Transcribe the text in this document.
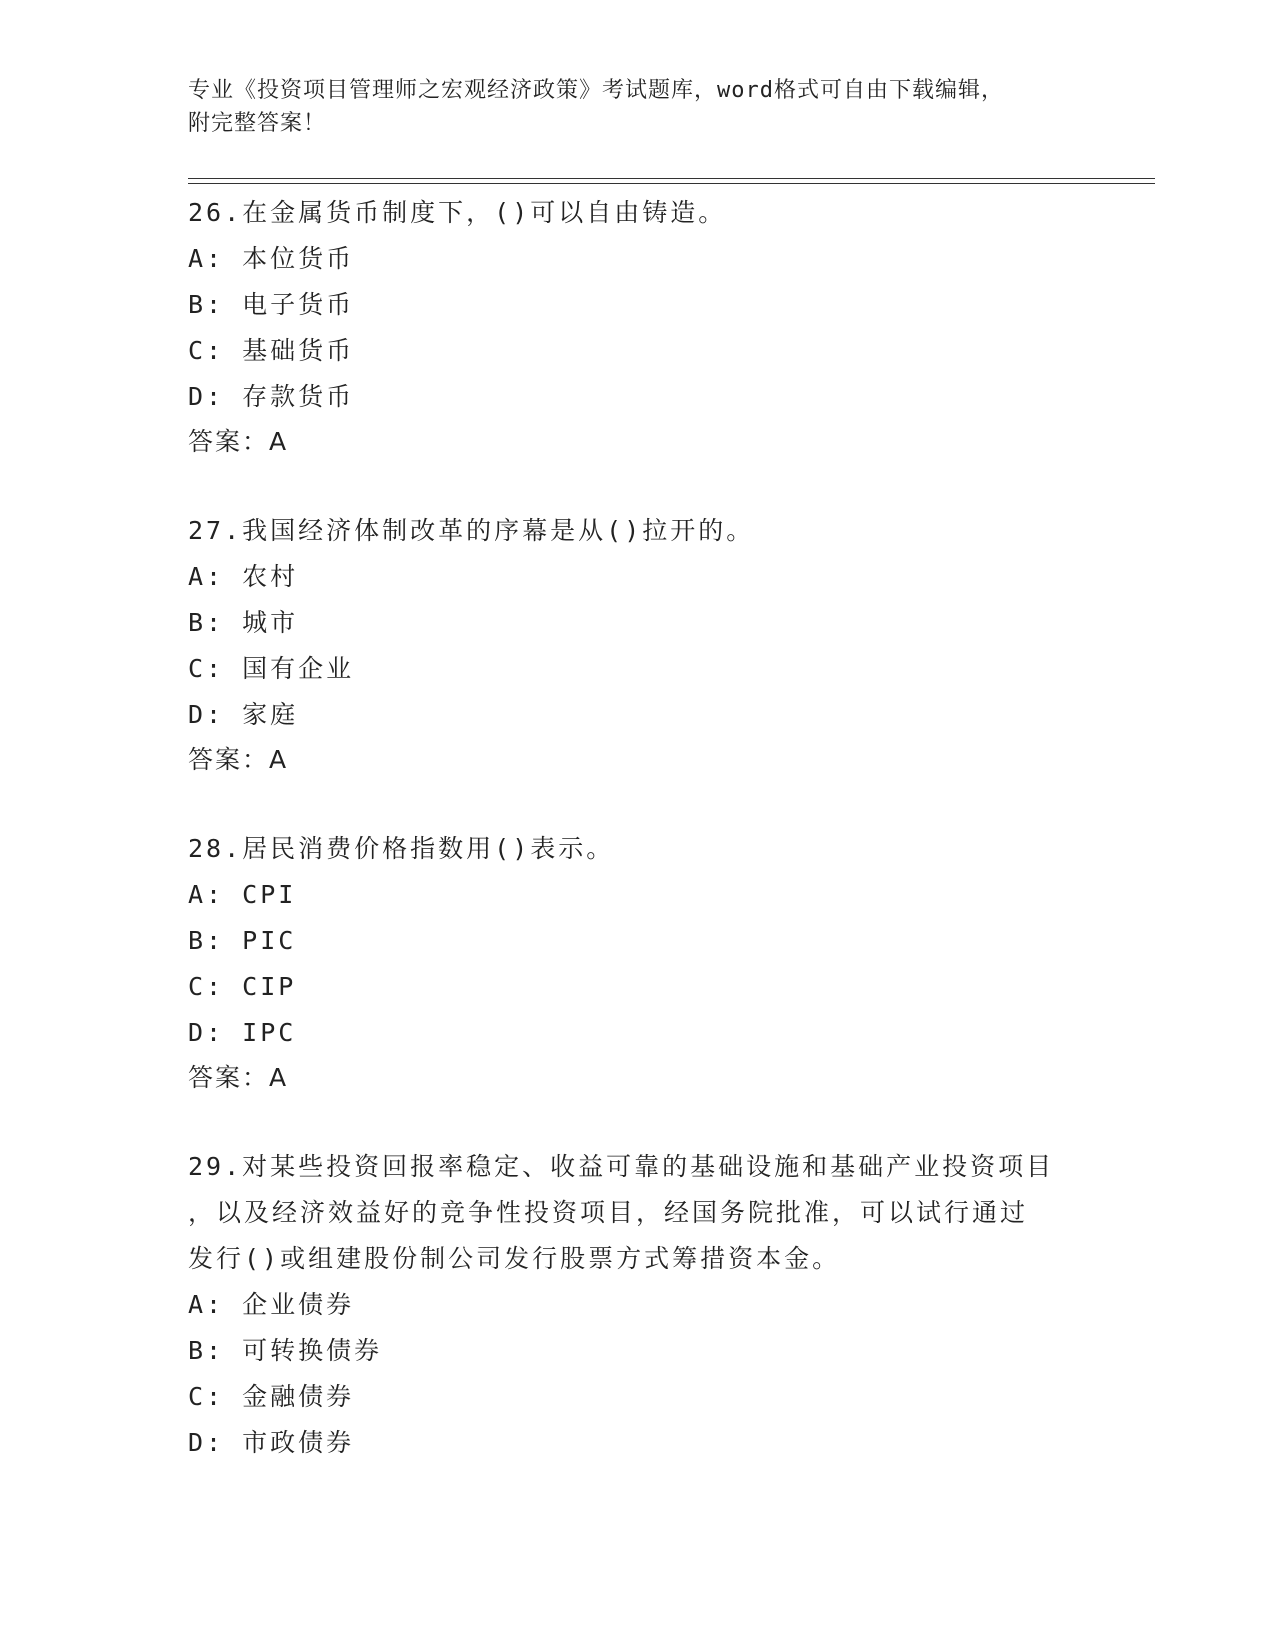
专业《投资项目管理师之宏观经济政策》考试题库，word格式可自由下载编辑，
附完整答案！
26.在金属货币制度下，()可以自由铸造。
A: 本位货币
B: 电子货币
C: 基础货币
D: 存款货币
答案：A
27.我国经济体制改革的序幕是从()拉开的。
A: 农村
B: 城市
C: 国有企业
D: 家庭
答案：A
28.居民消费价格指数用()表示。
A: CPI
B: PIC
C: CIP
D: IPC
答案：A
29.对某些投资回报率稳定、收益可靠的基础设施和基础产业投资项目
，以及经济效益好的竞争性投资项目，经国务院批准，可以试行通过
发行()或组建股份制公司发行股票方式筹措资本金。
A: 企业债券
B: 可转换债券
C: 金融债券
D: 市政债券
